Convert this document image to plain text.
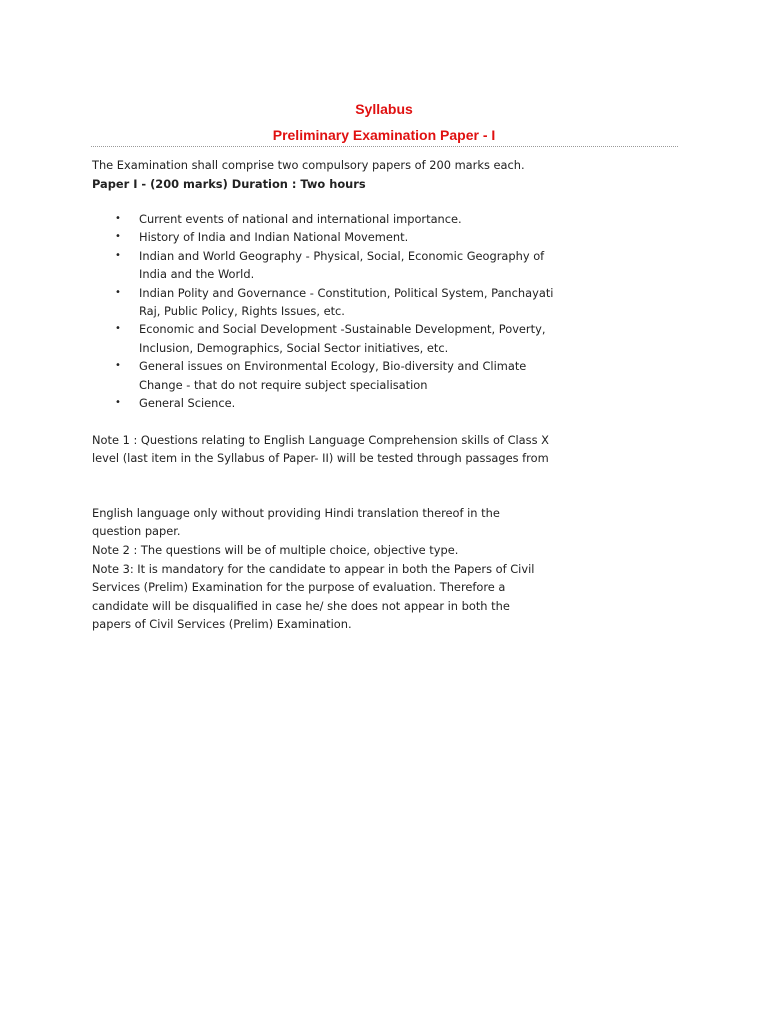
Syllabus
Preliminary Examination Paper - I

The Examination shall comprise two compulsory papers of 200 marks each.

Paper I - (200 marks) Duration : Two hours

• Current events of national and international importance.
• History of India and Indian National Movement.
• Indian and World Geography - Physical, Social, Economic Geography of India and the World.
• Indian Polity and Governance - Constitution, Political System, Panchayati Raj, Public Policy, Rights Issues, etc.
• Economic and Social Development -Sustainable Development, Poverty, Inclusion, Demographics, Social Sector initiatives, etc.
• General issues on Environmental Ecology, Bio-diversity and Climate Change - that do not require subject specialisation
• General Science.

Note 1 : Questions relating to English Language Comprehension skills of Class X level (last item in the Syllabus of Paper- II) will be tested through passages from

English language only without providing Hindi translation thereof in the question paper.

Note 2 : The questions will be of multiple choice, objective type.

Note 3: It is mandatory for the candidate to appear in both the Papers of Civil Services (Prelim) Examination for the purpose of evaluation. Therefore a candidate will be disqualified in case he/ she does not appear in both the papers of Civil Services (Prelim) Examination.
